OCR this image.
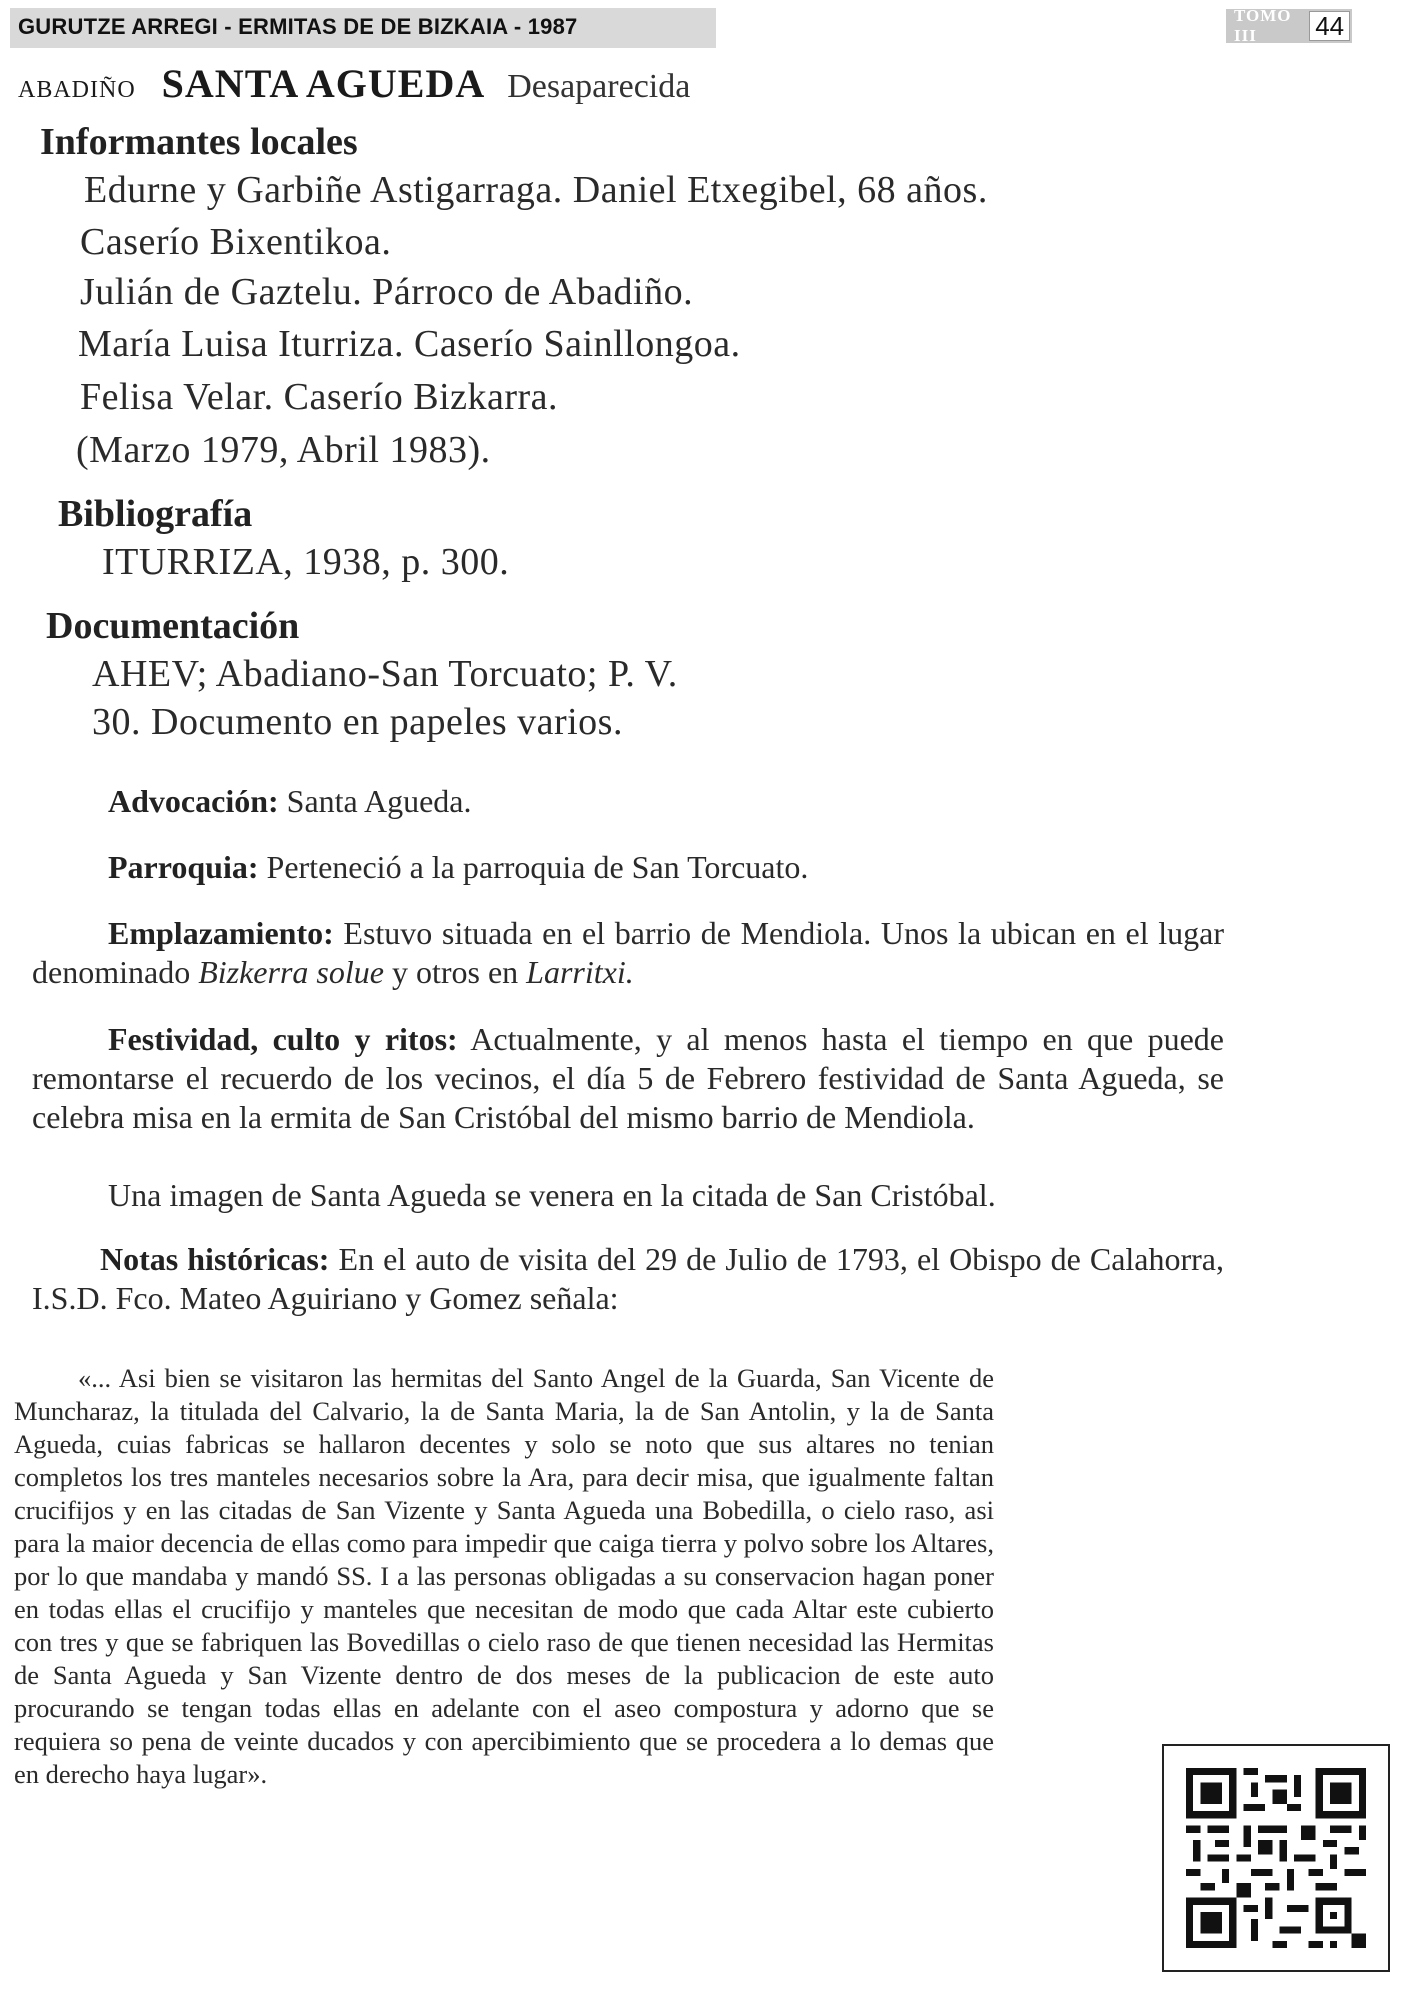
GURUTZE ARREGI - ERMITAS DE DE BIZKAIA - 1987	TOMO III	44
ABADIÑO SANTA AGUEDA Desaparecida
Informantes locales
Edurne y Garbiñe Astigarraga. Daniel Etxegibel, 68 años.
Caserío Bixentikoa.
Julián de Gaztelu. Párroco de Abadiño.
María Luisa Iturriza. Caserío Sainllongoa.
Felisa Velar. Caserío Bizkarra.
(Marzo 1979, Abril 1983).
Bibliografía
ITURRIZA, 1938, p. 300.
Documentación
AHEV; Abadiano-San Torcuato; P. V.
30. Documento en papeles varios.
Advocación: Santa Agueda.
Parroquia: Perteneció a la parroquia de San Torcuato.
Emplazamiento: Estuvo situada en el barrio de Mendiola. Unos la ubican en el lugar denominado Bizkerra solue y otros en Larritxi.
Festividad, culto y ritos: Actualmente, y al menos hasta el tiempo en que puede remontarse el recuerdo de los vecinos, el día 5 de Febrero festividad de Santa Agueda, se celebra misa en la ermita de San Cristóbal del mismo barrio de Mendiola.
Una imagen de Santa Agueda se venera en la citada de San Cristóbal.
Notas históricas: En el auto de visita del 29 de Julio de 1793, el Obispo de Calahorra, I.S.D. Fco. Mateo Aguiriano y Gomez señala:
«... Asi bien se visitaron las hermitas del Santo Angel de la Guarda, San Vicente de Muncharaz, la titulada del Calvario, la de Santa Maria, la de San Antolin, y la de Santa Agueda, cuias fabricas se hallaron decentes y solo se noto que sus altares no tenian completos los tres manteles necesarios sobre la Ara, para decir misa, que igualmente faltan crucifijos y en las citadas de San Vizente y Santa Agueda una Bobedilla, o cielo raso, asi para la maior decencia de ellas como para impedir que caiga tierra y polvo sobre los Altares, por lo que mandaba y mandó SS. I a las personas obligadas a su conservacion hagan poner en todas ellas el crucifijo y manteles que necesitan de modo que cada Altar este cubierto con tres y que se fabriquen las Bovedillas o cielo raso de que tienen necesidad las Hermitas de Santa Agueda y San Vizente dentro de dos meses de la publicacion de este auto procurando se tengan todas ellas en adelante con el aseo compostura y adorno que se requiera so pena de veinte ducados y con apercibimiento que se procedera a lo demas que en derecho haya lugar».
